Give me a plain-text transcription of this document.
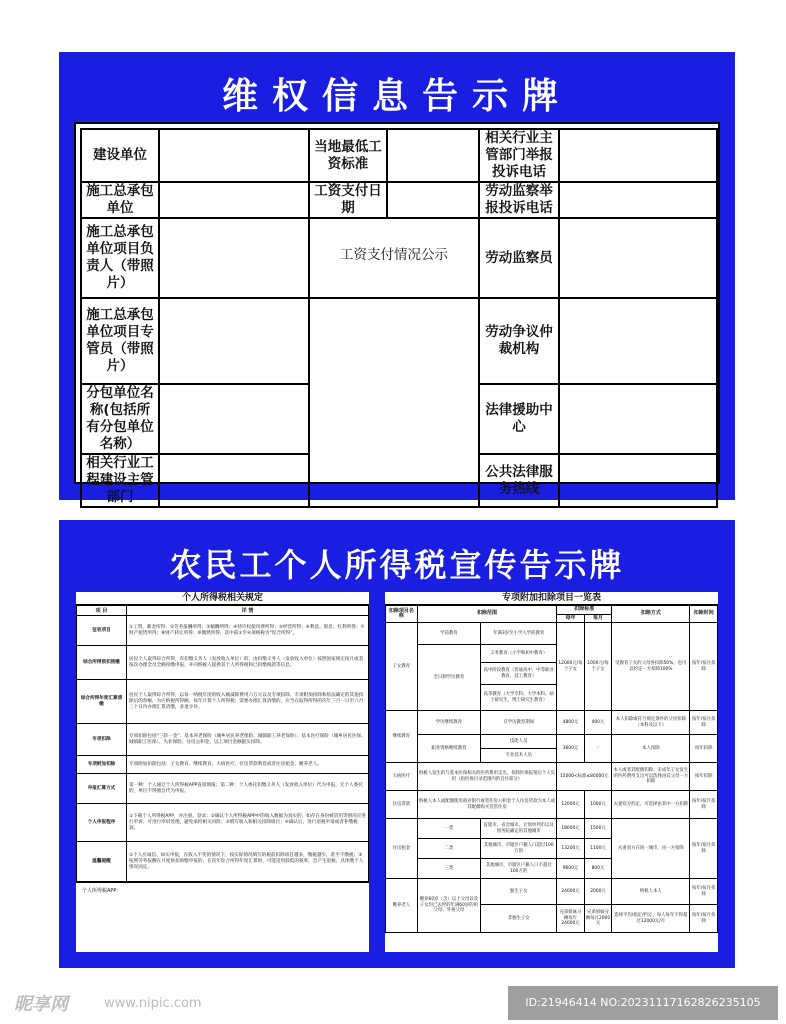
维权信息告示牌
建设单位		当地最低工资标准		相关行业主管部门举报投诉电话	
施工总承包单位		工资支付日期		劳动监察举报投诉电话	
施工总承包单位项目负责人（带照片）		工资支付情况公示		劳动监察员	
施工总承包单位项目专管员（带照片）				劳动争议仲裁机构	
分包单位名称(包括所有分包单位名称）				法律援助中心	
相关行业工程建设主管部门				公共法律服务热线	
农民工个人所得税宣传告示牌
个人所得税相关规定
项 目	详 情
征收项目	①工资、薪金所得；②劳务报酬所得；③稿酬所得；④特许权使用费所得；⑤经营所得；⑥利息、股息、红利所得；⑦财产租赁所得；⑧财产转让所得；⑨偶然所得，其中前①至④项统称为“综合所得”。
综合所得预扣预缴	居民个人取得综合所得，有扣缴义务人（发放收入单位）的，由扣缴义务人（发放收入单位）按照国家规定按月或者按次办理全员全额扣缴申报，并向纳税人提供其个人所得税和已扣缴税款等信息。
综合所得年度汇算清缴	居民个人取得综合所得，以每一纳税年度的收入额减除费用六万元以及专项扣除、专项附加扣除和依法确定的其他扣除后的余额，为应纳税所得额，按年计算个人所得税；需要办理汇算清缴的，应当在取得所得的次年三月一日至六月三十日内办理汇算清缴，多退少补。
专项扣除	专项扣除包括“三险一金”：基本养老保险（城乡居民养老保险、城镇职工养老保险）、基本医疗保险（城乡居民医保、城镇职工医保）、失业保险、住房公积金，以上项目金额据实扣除。
专项附加扣除	专项附加扣除包括：子女教育、继续教育、大病医疗、住房贷款利息或者住房租金、赡养老人。
申报汇算方式	第一种：个人通过个人所得税APP直接填报；第二种：个人委托扣缴义务人（发放收入单位）代为申报，无个人委托的，单位不得擅自代为申报。
个人申报程序	①下载个人所得税APP，并注册、登录；②确认个人所得税APP中的收入数据为真实的，如存在身份被冒用等情况应进行申诉；可进行申诉处理，避免承担相关风险；③填写收入和相关扣除项目；④确认后，进行退税申请或者补缴税款。
温馨提醒	①个人应诚信、如实申报，在收入不变的情况下，按实际情况填写的税前扣除项目越多，缴税越少，甚至不缴税；②按照劳务报酬在月度预扣预缴申报的，在次年综合所得年度汇算时，可能适用较低的税率，会产生退税，具体缴个人情况而定。
个人所得税APP：
专项附加扣除项目一览表
扣除项目名称	扣除范围		扣除标准		扣除方式	扣除时间
			每年	每月		
子女教育	学前教育	年满3岁至小学入学前教育	12000元/每个子女	1000元/每个子女	受教育子女的父母各扣除50%，也可以约定一方扣除100%	按年/按月扣除
	全日制学历教育	义务教育（小学和初中教育）				
		高中阶段教育（普通高中、中等职业教育、技工教育）				
		高等教育（大学专科、大学本科、硕士研究生、博士研究生教育）				
继续教育	学历继续教育	在学历教育期间	4800元	400元	本人扣除或符合规定条件的父母扣除（本科及以下）	按年/按月扣除
	职业资格继续教育	技能人员	3600元	-	本人扣除	按年扣除
		专业技术人员				
大病医疗	纳税人发生的与基本医保相关的医药费用支出，扣除医保报销后个人负担（指医保目录范围内的自付部分）		15000<标准≤80000元		本人或者其配偶扣除；未成年子女发生的医药费用支出可以选择由其父母一方扣除	按年扣除
住房贷款	纳税人本人或配偶使用商业银行或者住房公积金个人住房贷款为本人或其配偶购买首套住房		12000元	1000元	夫妻双方约定，可选择由其中一方扣除	按年/按月扣除
住房租金	一类	直辖市、省会城市、计划单列市以及国务院确定的其他城市	18000元	1500元	夫妻双方在同一城市，由一方扣除	按年/按月扣除
	二类	其他城市，市辖区户籍人口超过100万的	13200元	1100元		
	三类	其他城市，市辖区户籍人口不超过100万的	9600元	800元		
赡养老人	赡养60岁（含）以上父母以及子女均已去世的年满60岁的祖父母、外祖父母	独生子女	24000元	2000元	纳税人本人	按年/按月扣除
		非独生子女	兄弟姐妹分摊每年24000元	兄弟姐妹分摊每月2000元	选择平均/指定/约定，每人每年不得超过12000元/月	按年/按月扣除
昵享网	www.nipic.com	ID:21946414 NO:20231117162826235105
